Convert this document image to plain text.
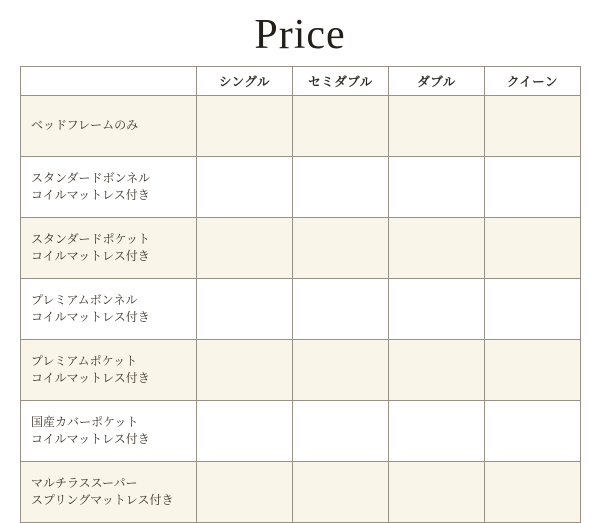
Price
	シングル	セミダブル	ダブル	クイーン

ベッドフレームのみ				

スタンダードボンネル
コイルマットレス付き				

スタンダードポケット
コイルマットレス付き				

プレミアムボンネル
コイルマットレス付き				

プレミアムポケット
コイルマットレス付き				

国産カバーポケット
コイルマットレス付き				

マルチラススーパー
スプリングマットレス付き				
